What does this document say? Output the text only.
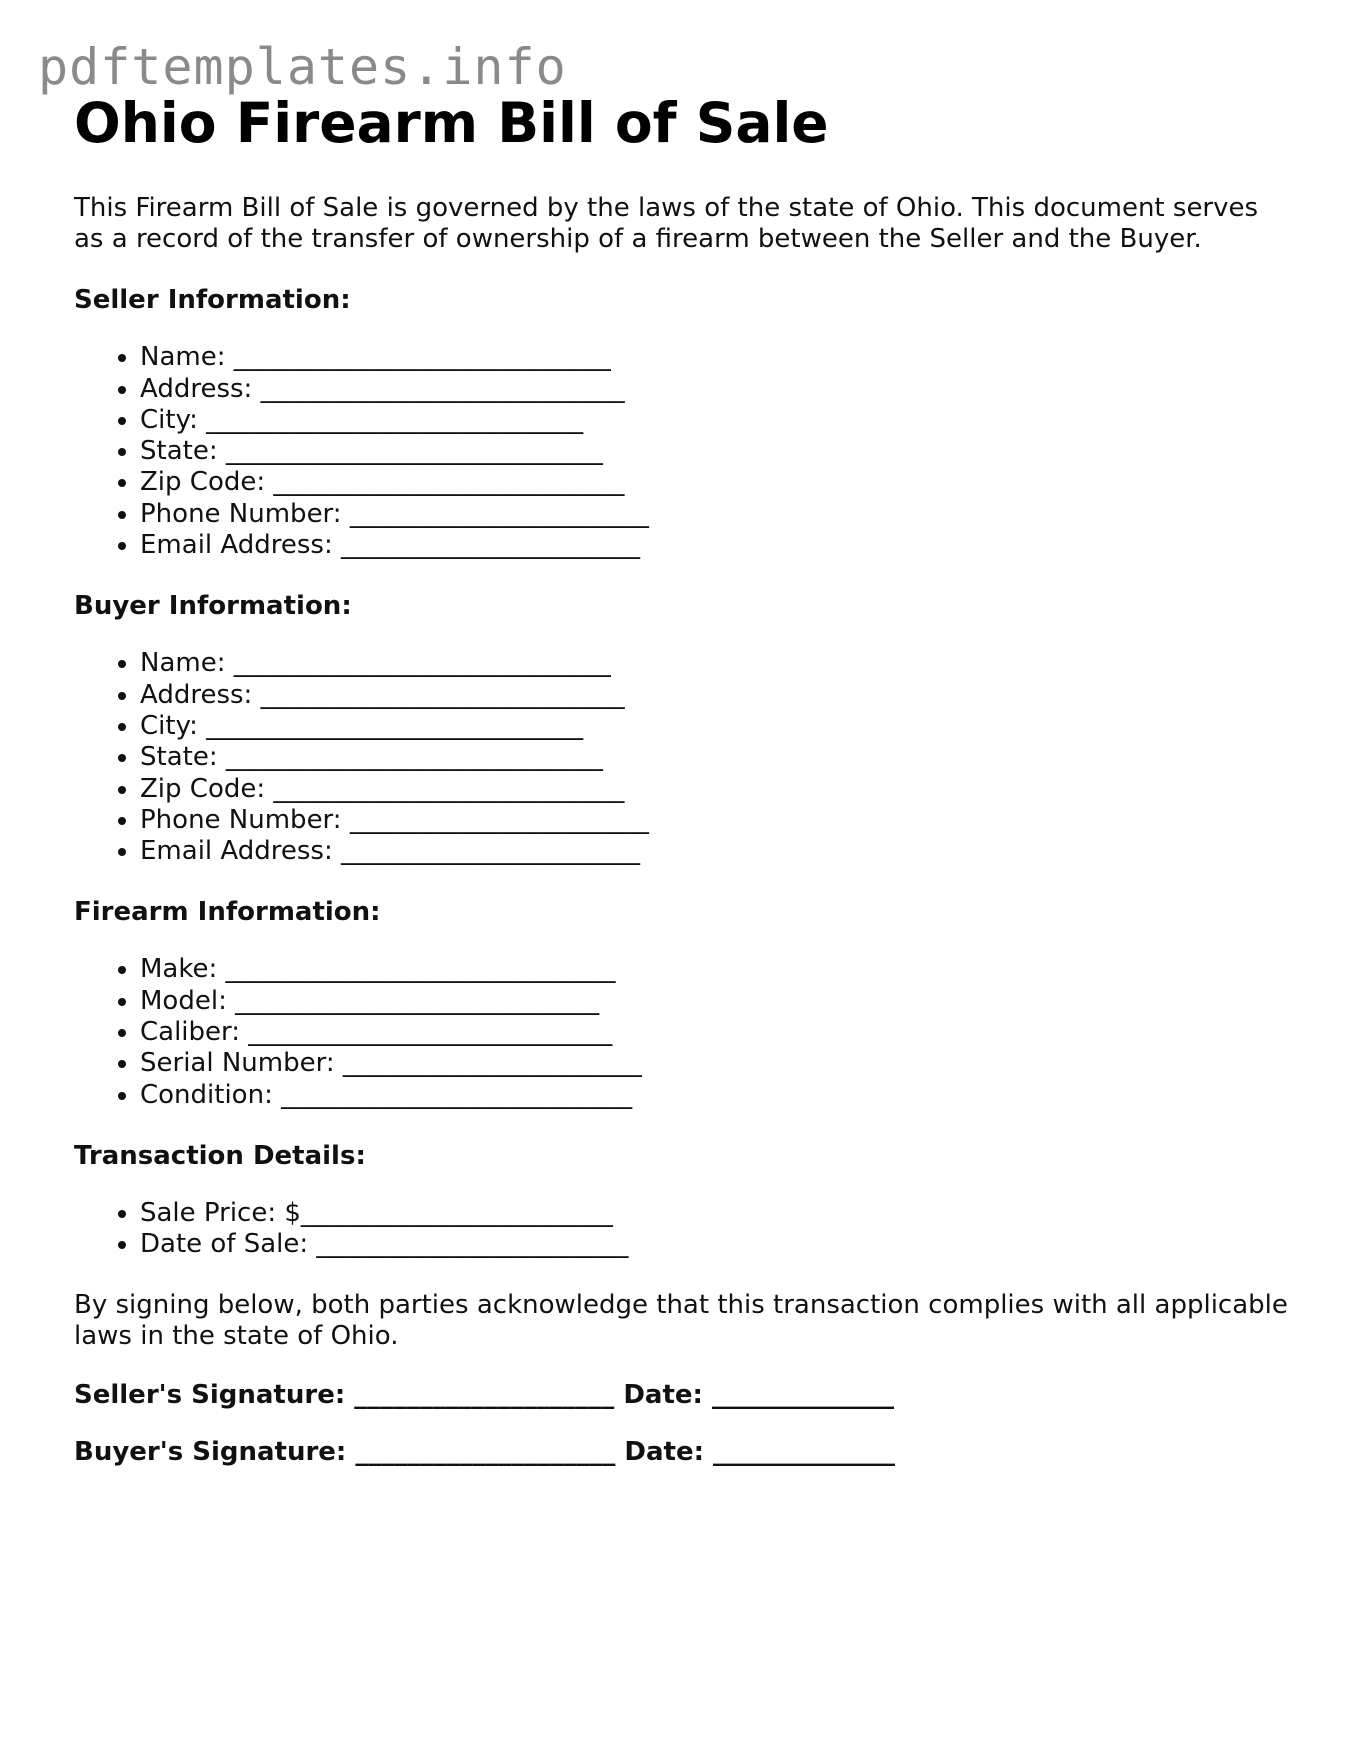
pdftemplates.info
Ohio Firearm Bill of Sale

This Firearm Bill of Sale is governed by the laws of the state of Ohio. This document serves as a record of the transfer of ownership of a firearm between the Seller and the Buyer.

Seller Information:

• Name: _____________________________
• Address: ____________________________
• City: _____________________________
• State: _____________________________
• Zip Code: ___________________________
• Phone Number: _______________________
• Email Address: _______________________

Buyer Information:

• Name: _____________________________
• Address: ____________________________
• City: _____________________________
• State: _____________________________
• Zip Code: ___________________________
• Phone Number: _______________________
• Email Address: _______________________

Firearm Information:

• Make: ______________________________
• Model: ____________________________
• Caliber: ____________________________
• Serial Number: _______________________
• Condition: ___________________________

Transaction Details:

• Sale Price: $________________________
• Date of Sale: ________________________

By signing below, both parties acknowledge that this transaction complies with all applicable laws in the state of Ohio.

Seller's Signature: ____________________ Date: ______________

Buyer's Signature: ____________________ Date: ______________
